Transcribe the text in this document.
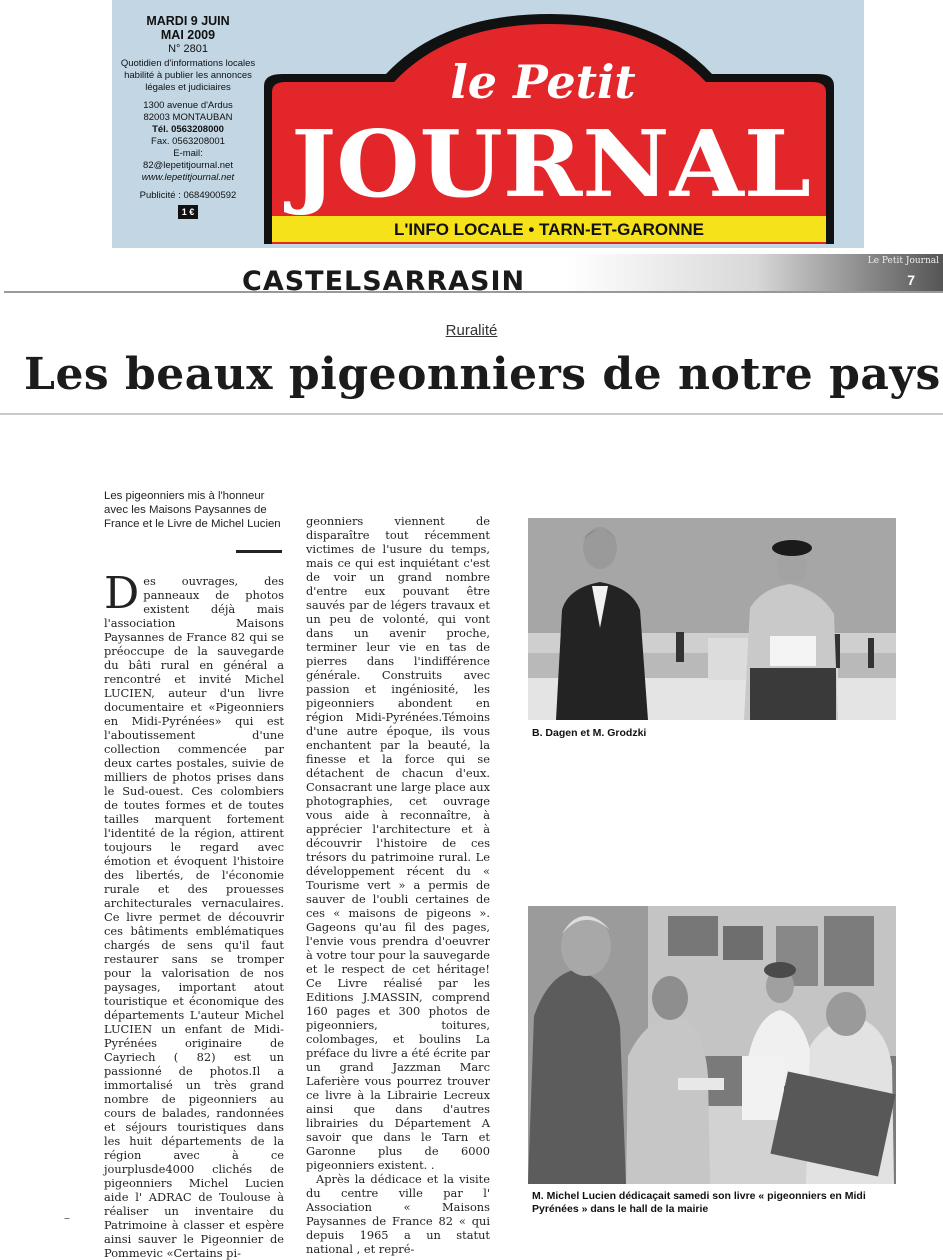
MARDI 9 JUIN
MAI 2009
N° 2801
Quotidien d'informations locales habilité à publier les annonces légales et judiciaires
1300 avenue d'Ardus
82003 MONTAUBAN
Tél. 0563208000
Fax. 0563208001
E-mail:
82@lepetitjournal.net
www.lepetitjournal.net
Publicité : 0684900592
1 €
le Petit
JOURNAL
L'INFO LOCALE • TARN-ET-GARONNE
CASTELSARRASIN
Le Petit Journal
7
Ruralité
Les beaux pigeonniers de notre pays
Les pigeonniers mis à l'honneur avec les Maisons Paysannes de France et le Livre de Michel Lucien
Des ouvrages, des panneaux de photos existent déjà mais l'association Maisons Paysannes de France 82 qui se préoccupe de la sauvegarde du bâti rural en général a rencontré et invité Michel LUCIEN, auteur d'un livre documentaire et «Pigeonniers en Midi-Pyrénées» qui est l'aboutissement d'une collection commencée par deux cartes postales, suivie de milliers de photos prises dans le Sud-ouest. Ces colombiers de toutes formes et de toutes tailles marquent fortement l'identité de la région, attirent toujours le regard avec émotion et évoquent l'histoire des libertés, de l'économie rurale et des prouesses architecturales vernaculaires. Ce livre permet de découvrir ces bâtiments emblématiques chargés de sens qu'il faut restaurer sans se tromper pour la valorisation de nos paysages, important atout touristique et économique des départements L'auteur Michel LUCIEN un enfant de Midi-Pyrénées originaire de Cayriech ( 82) est un passionné de photos.Il a immortalisé un très grand nombre de pigeonniers au cours de balades, randonnées et séjours touristiques dans les huit départements de la région avec à ce jourplusde4000 clichés de pigeonniers Michel Lucien aide l' ADRAC de Toulouse à réaliser un inventaire du Patrimoine à classer et espère ainsi sauver le Pigeonnier de Pommevic «Certains pi-

geonniers viennent de disparaître tout récemment victimes de l'usure du temps, mais ce qui est inquiétant c'est de voir un grand nombre d'entre eux pouvant être sauvés par de légers travaux et un peu de volonté, qui vont dans un avenir proche, terminer leur vie en tas de pierres dans l'indifférence générale. Construits avec passion et ingéniosité, les pigeonniers abondent en région Midi-Pyrénées.Témoins d'une autre époque, ils vous enchantent par la beauté, la finesse et la force qui se détachent de chacun d'eux. Consacrant une large place aux photographies, cet ouvrage vous aide à reconnaître, à apprécier l'architecture et à découvrir l'histoire de ces trésors du patrimoine rural. Le développement récent du « Tourisme vert » a permis de sauver de l'oubli certaines de ces « maisons de pigeons ». Gageons qu'au fil des pages, l'envie vous prendra d'oeuvrer à votre tour pour la sauvegarde et le respect de cet héritage! Ce Livre réalisé par les Editions J.MASSIN, comprend 160 pages et 300 photos de pigeonniers, toitures, colombages, et boulins La préface du livre a été écrite par un grand Jazzman Marc Laferière vous pourrez trouver ce livre à la Librairie Lecreux ainsi que dans d'autres librairies du Département A savoir que dans le Tarn et Garonne plus de 6000 pigeonniers existent. .

Après la dédicace et la visite du centre ville par l' Association « Maisons Paysannes de France 82 « qui depuis 1965 a un statut national , et repré-

B. Dagen et M. Grodzki
M. Michel Lucien dédicaçait samedi son livre « pigeonniers en Midi Pyrénées » dans le hall de la mairie
–
